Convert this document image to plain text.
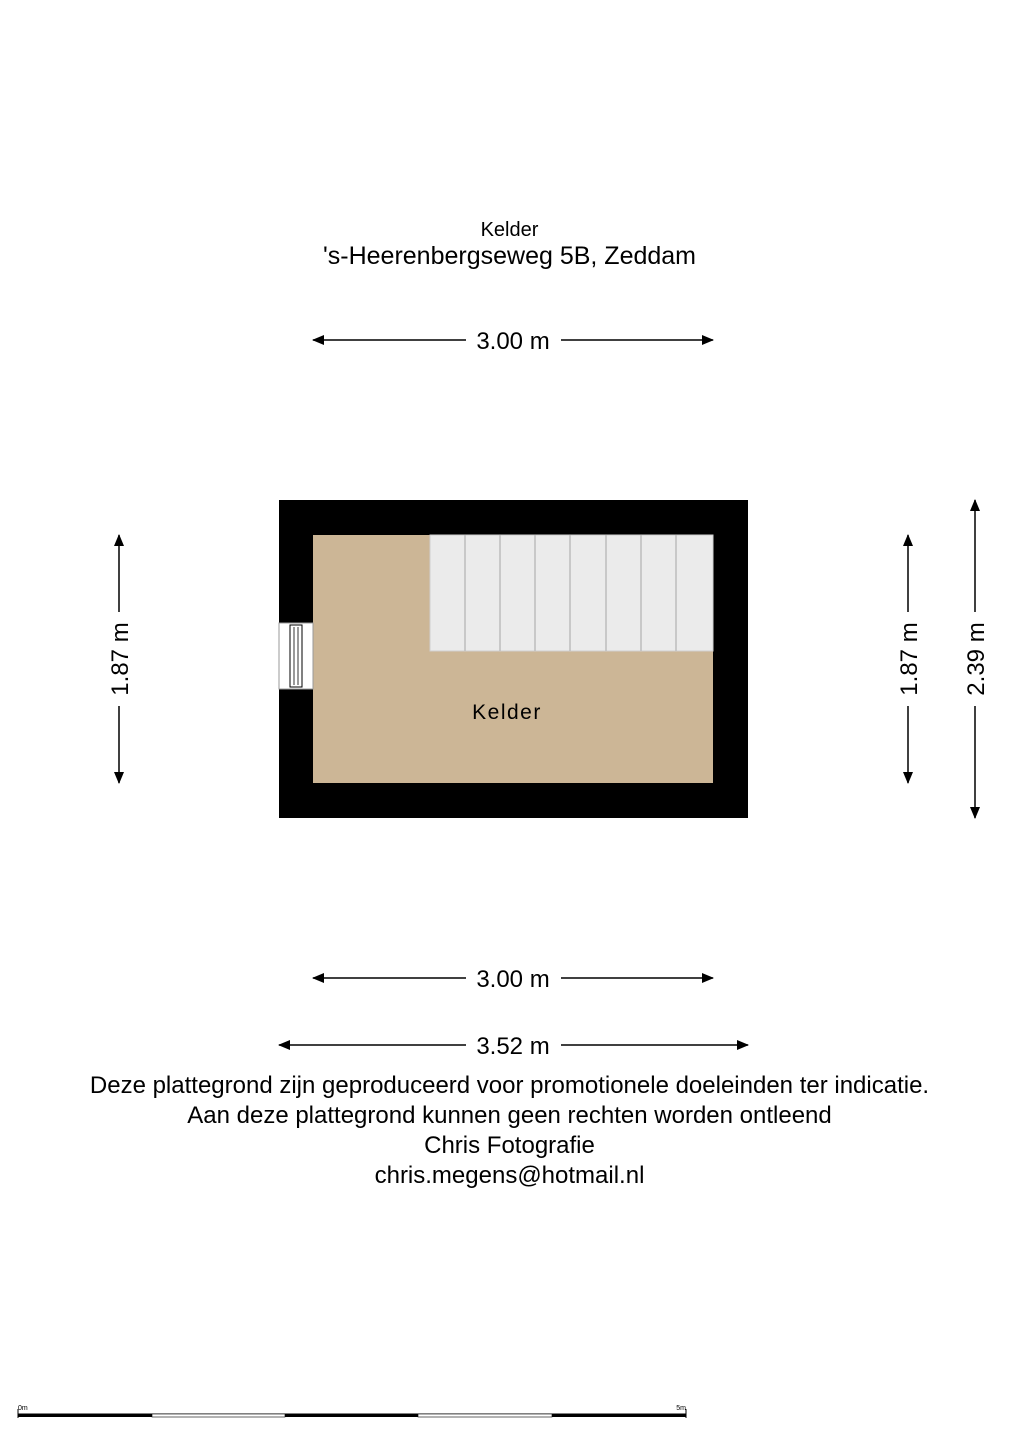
Kelder
's-Heerenbergseweg 5B, Zeddam
3.00 m
1.87 m	1.87 m 2.39 m
Kelder
3.00 m
3.52 m
0m	5m
Deze plattegrond zijn geproduceerd voor promotionele doeleinden ter indicatie.
Aan deze plattegrond kunnen geen rechten worden ontleend
Chris Fotografie
chris.megens@hotmail.nl
